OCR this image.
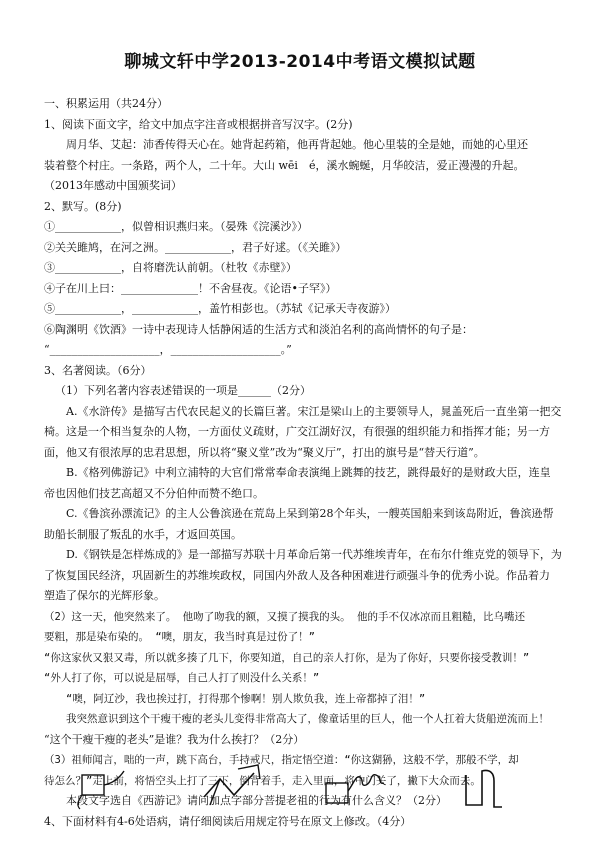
聊城文轩中学2013-2014中考语文模拟试题
一、积累运用（共24分）
1、阅读下面文字，给文中加点字注音或根据拼音写汉字。(2分)
周月华、艾起：沛香传得天心在。她背起药箱，他再背起她。他心里装的全是她，而她的心里还
装着整个村庄。一条路，两个人，二十年。大山 wēi　é，溪水蜿蜒，月华皎洁，爱正漫漫的升起。
（2013年感动中国颁奖词）
2、默写。(8分)
①____________，似曾相识燕归来。（晏殊《浣溪沙》）
②关关雎鸠，在河之洲。____________，君子好逑。（《关雎》）
③____________，自将磨洗认前朝。（杜牧《赤壁》）
④子在川上曰：______________！不舍昼夜。《论语•子罕》）
⑤____________，____________，盖竹相彭也。（苏轼《记承天寺夜游》）
⑥陶渊明《饮酒》一诗中表现诗人恬静闲适的生活方式和淡泊名利的高尚情怀的句子是：
“____________________，____________________。”
3、名著阅读。（6分）
（1）下列名著内容表述错误的一项是______（2分）
A.《水浒传》是描写古代农民起义的长篇巨著。宋江是梁山上的主要领导人，晁盖死后一直坐第一把交
椅。这是一个相当复杂的人物，一方面仗义疏财，广交江湖好汉，有很强的组织能力和指挥才能；另一方
面，他又有很浓厚的忠君思想，所以将“聚义堂”改为“聚义厅”，打出的旗号是“替天行道”。
B.《格列佛游记》中利立浦特的大官们常常奉命表演绳上跳舞的技艺，跳得最好的是财政大臣，连皇
帝也因他们技艺高超又不分伯仲而赞不绝口。
C.《鲁滨孙漂流记》的主人公鲁滨逊在荒岛上呆到第28个年头，一艘英国船来到该岛附近，鲁滨逊帮
助船长制服了叛乱的水手，才返回英国。
D.《钢铁是怎样炼成的》是一部描写苏联十月革命后第一代苏维埃青年，在布尔什维克党的领导下，为
了恢复国民经济，巩固新生的苏维埃政权，同国内外敌人及各种困难进行顽强斗争的优秀小说。作品着力
塑造了保尔的光辉形象。
（2）这一天，他突然来了。 他吻了吻我的额，又摸了摸我的头。 他的手不仅冰凉而且粗糙，比乌嘴还
要粗，那是染布染的。 “噢，朋友，我当时真是过份了！”
“你这家伙又狠又毒，所以就多揍了几下，你要知道，自己的亲人打你，是为了你好，只要你接受教训！”
“外人打了你，可以说是屈辱，自己人打了则没什么关系！”
“噢，阿辽沙，我也挨过打，打得那个惨啊！别人欺负我，连上帝都掉了泪！”
我突然意识到这个干瘦干瘦的老头儿变得非常高大了，像童话里的巨人，他一个人扛着大货船逆流而上！
“这个干瘦干瘦的老头”是谁？我为什么挨打？（2分）
（3）祖师闻言，咄的一声，跳下高台，手持戒尺，指定悟空道：“你这猢狲，这般不学，那般不学，却
待怎么？”走上前，将悟空头上打了三下，倒背着手，走入里面，将中门关了，撇下大众而去。
本段文字选自《西游记》请问加点字部分菩提老祖的行为有什么含义？（2分）
4、下面材料有4-6处语病，请仔细阅读后用规定符号在原文上修改。（4分）
